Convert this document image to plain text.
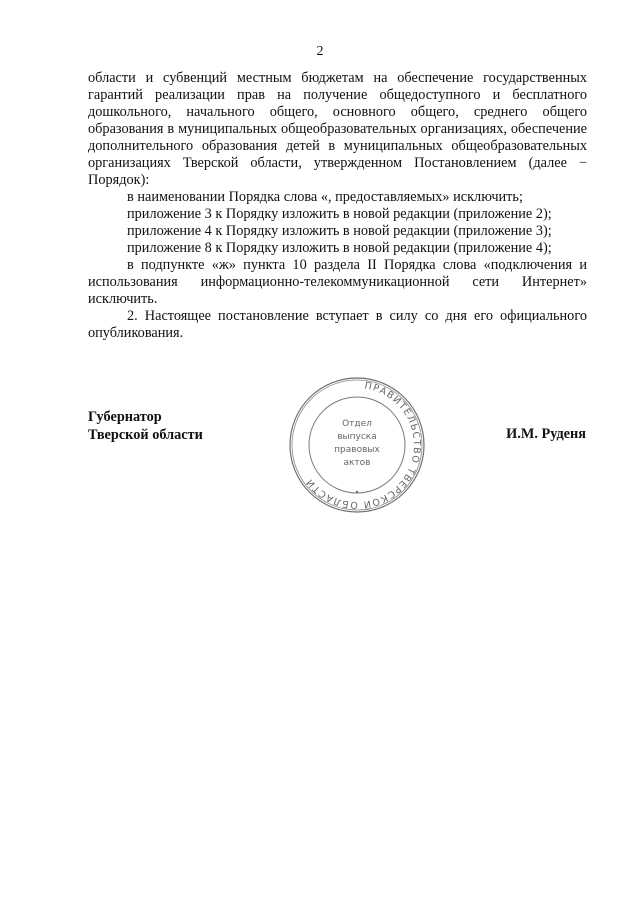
2

области и субвенций местным бюджетам на обеспечение государственных гарантий реализации прав на получение общедоступного и бесплатного дошкольного, начального общего, основного общего, среднего общего образования в муниципальных общеобразовательных организациях, обеспечение дополнительного образования детей в муниципальных общеобразовательных организациях Тверской области, утвержденном Постановлением (далее − Порядок):

в наименовании Порядка слова «, предоставляемых» исключить;

приложение 3 к Порядку изложить в новой редакции (приложение 2);

приложение 4 к Порядку изложить в новой редакции (приложение 3);

приложение 8 к Порядку изложить в новой редакции (приложение 4);

в подпункте «ж» пункта 10 раздела II Порядка слова «подключения и использования информационно-телекоммуникационной сети Интернет» исключить.

2. Настоящее постановление вступает в силу со дня его официального опубликования.

Губернатор
Тверской области	И.М. Руденя
ПРАВИТЕЛЬСТВО ТВЕРСКОЙ ОБЛАСТИ
Отдел
выпуска
правовых
актов
